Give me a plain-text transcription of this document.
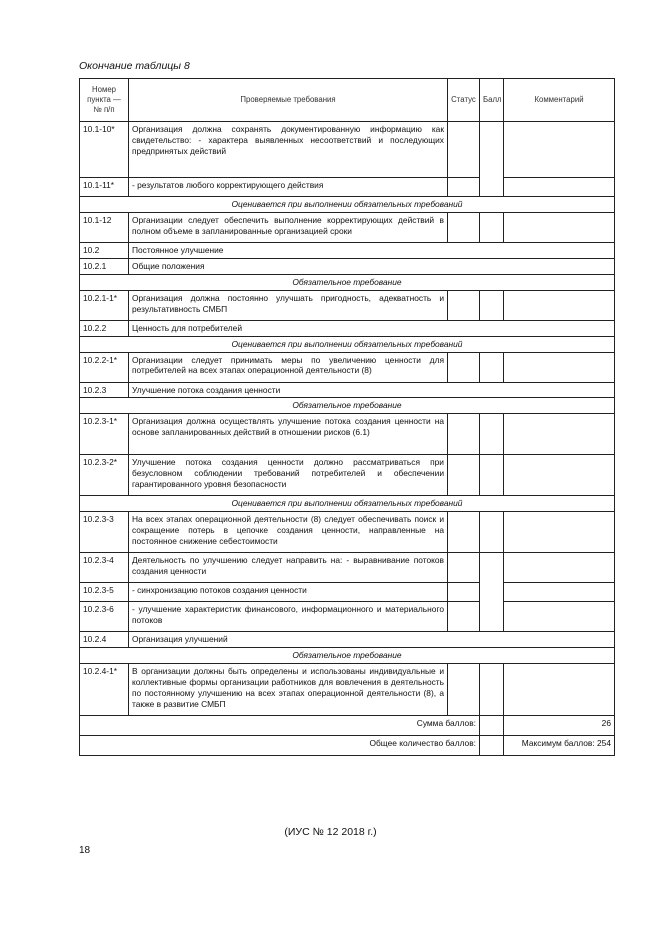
Окончание таблицы 8
Номер пункта — № п/п	Проверяемые требования	Статус	Балл	Комментарий
10.1-10*	Организация должна сохранять документированную информацию как свидетельство: - характера выявленных несоответствий и последующих предпринятых действий			
10.1-11*	- результатов любого корректирующего действия			
Оценивается при выполнении обязательных требований				
10.1-12	Организации следует обеспечить выполнение корректирующих действий в полном объеме в запланированные организацией сроки			
10.2	Постоянное улучшение			
10.2.1	Общие положения			
Обязательное требование				
10.2.1-1*	Организация должна постоянно улучшать пригодность, адекватность и результативность СМБП			
10.2.2	Ценность для потребителей			
Оценивается при выполнении обязательных требований				
10.2.2-1*	Организации следует принимать меры по увеличению ценности для потребителей на всех этапах операционной деятельности (8)			
10.2.3	Улучшение потока создания ценности			
Обязательное требование				
10.2.3-1*	Организация должна осуществлять улучшение потока создания ценности на основе запланированных действий в отношении рисков (6.1)			
10.2.3-2*	Улучшение потока создания ценности должно рассматриваться при безусловном соблюдении требований потребителей и обеспечении гарантированного уровня безопасности			
Оценивается при выполнении обязательных требований				
10.2.3-3	На всех этапах операционной деятельности (8) следует обеспечивать поиск и сокращение потерь в цепочке создания ценности, направленные на постоянное снижение себестоимости			
10.2.3-4	Деятельность по улучшению следует направить на: - выравнивание потоков создания ценности			
10.2.3-5	- синхронизацию потоков создания ценности			
10.2.3-6	- улучшение характеристик финансового, информационного и материального потоков			
10.2.4	Организация улучшений			
Обязательное требование				
10.2.4-1*	В организации должны быть определены и использованы индивидуальные и коллективные формы организации работников для вовлечения в деятельность по постоянному улучшению на всех этапах операционной деятельности (8), а также в развитие СМБП			
Сумма баллов:				26
Общее количество баллов:				Максимум баллов: 254
(ИУС № 12 2018 г.)
18
